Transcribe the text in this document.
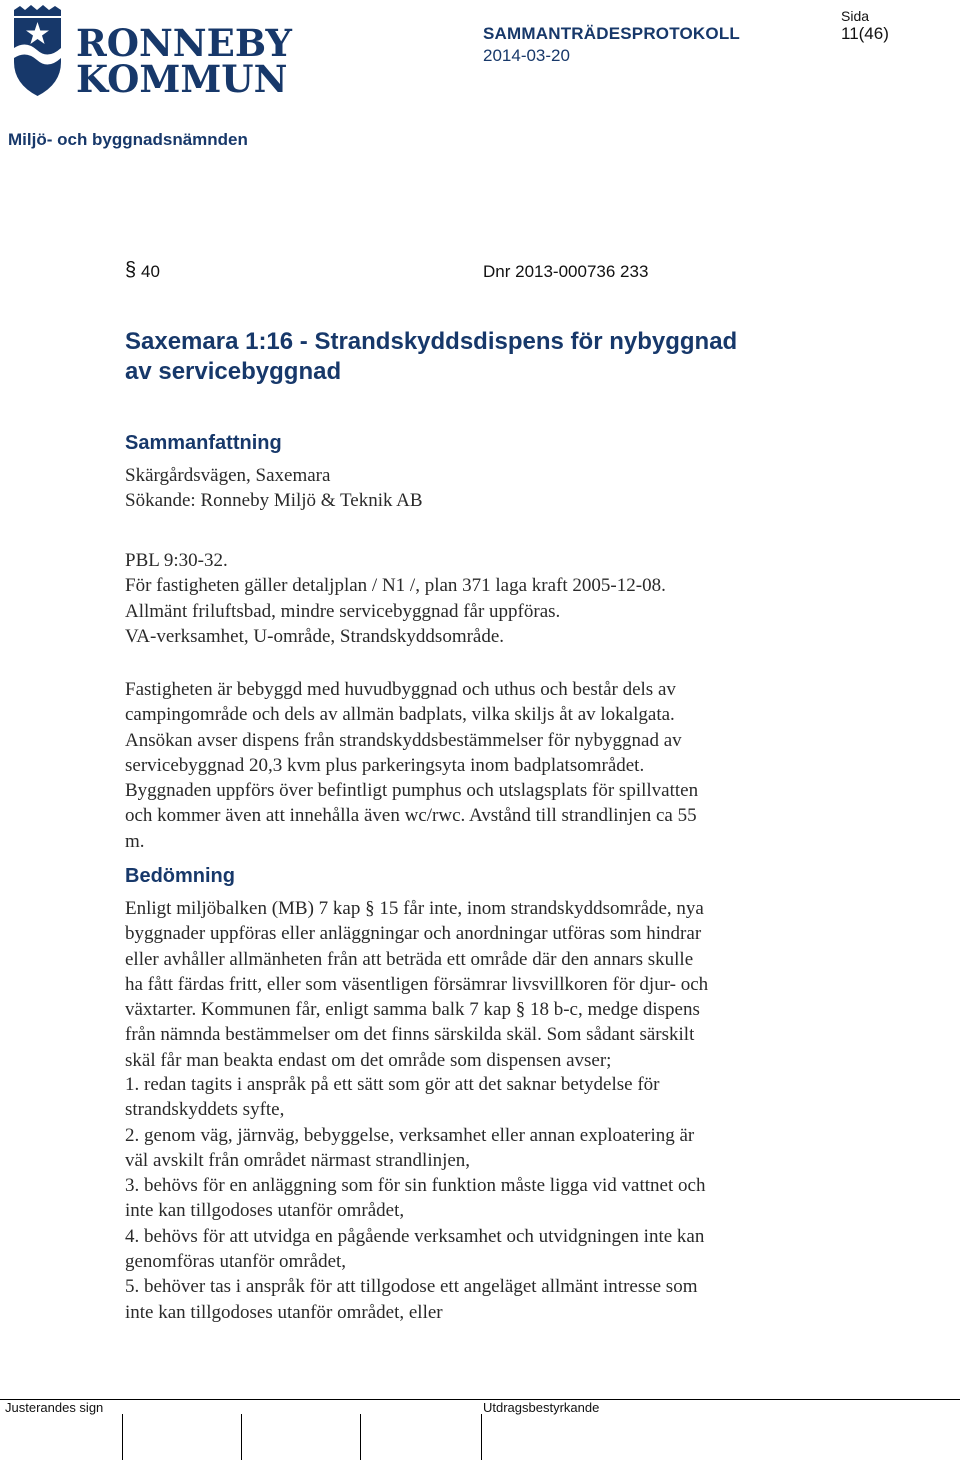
RONNEBY
KOMMUN
SAMMANTRÄDESPROTOKOLL
2014-03-20
Sida
11(46)
Miljö- och byggnadsnämnden
§ 40	Dnr 2013-000736 233
Saxemara 1:16 - Strandskyddsdispens för nybyggnad
av servicebyggnad
Sammanfattning
Skärgårdsvägen, Saxemara
Sökande: Ronneby Miljö & Teknik AB
PBL 9:30-32.
För fastigheten gäller detaljplan / N1 /, plan 371 laga kraft 2005-12-08.
Allmänt friluftsbad, mindre servicebyggnad får uppföras.
VA-verksamhet, U-område, Strandskyddsområde.
Fastigheten är bebyggd med huvudbyggnad och uthus och består dels av
campingområde och dels av allmän badplats, vilka skiljs åt av lokalgata.
Ansökan avser dispens från strandskyddsbestämmelser för nybyggnad av
servicebyggnad 20,3 kvm plus parkeringsyta inom badplatsområdet.
Byggnaden uppförs över befintligt pumphus och utslagsplats för spillvatten
och kommer även att innehålla även wc/rwc. Avstånd till strandlinjen ca 55
m.
Bedömning
Enligt miljöbalken (MB) 7 kap § 15 får inte, inom strandskyddsområde, nya
byggnader uppföras eller anläggningar och anordningar utföras som hindrar
eller avhåller allmänheten från att beträda ett område där den annars skulle
ha fått färdas fritt, eller som väsentligen försämrar livsvillkoren för djur- och
växtarter. Kommunen får, enligt samma balk 7 kap § 18 b-c, medge dispens
från nämnda bestämmelser om det finns särskilda skäl. Som sådant särskilt
skäl får man beakta endast om det område som dispensen avser;
1. redan tagits i anspråk på ett sätt som gör att det saknar betydelse för
strandskyddets syfte,
2. genom väg, järnväg, bebyggelse, verksamhet eller annan exploatering är
väl avskilt från området närmast strandlinjen,
3. behövs för en anläggning som för sin funktion måste ligga vid vattnet och
inte kan tillgodoses utanför området,
4. behövs för att utvidga en pågående verksamhet och utvidgningen inte kan
genomföras utanför området,
5. behöver tas i anspråk för att tillgodose ett angeläget allmänt intresse som
inte kan tillgodoses utanför området, eller
Justerandes sign	Utdragsbestyrkande
